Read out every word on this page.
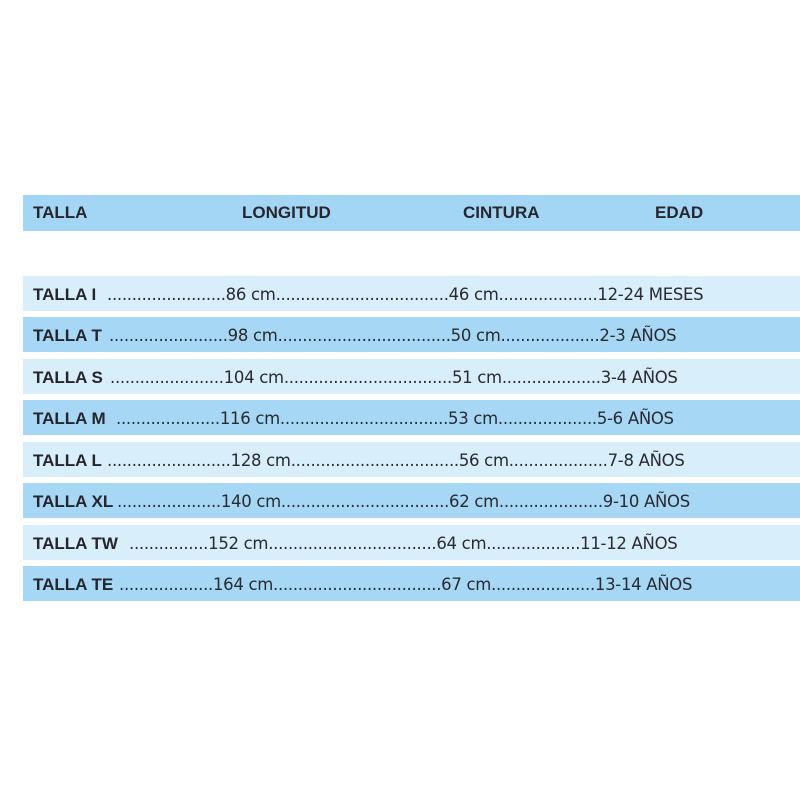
TALLA	LONGITUD	CINTURA	EDAD
TALLA I ........................86 cm...................................46 cm....................12-24 MESES
TALLA T ........................98 cm...................................50 cm....................2-3 AÑOS
TALLA S .......................104 cm..................................51 cm....................3-4 AÑOS
TALLA M .....................116 cm..................................53 cm....................5-6 AÑOS
TALLA L .........................128 cm..................................56 cm....................7-8 AÑOS
TALLA XL .....................140 cm..................................62 cm.....................9-10 AÑOS
TALLA TW ................152 cm..................................64 cm...................11-12 AÑOS
TALLA TE ...................164 cm..................................67 cm.....................13-14 AÑOS
